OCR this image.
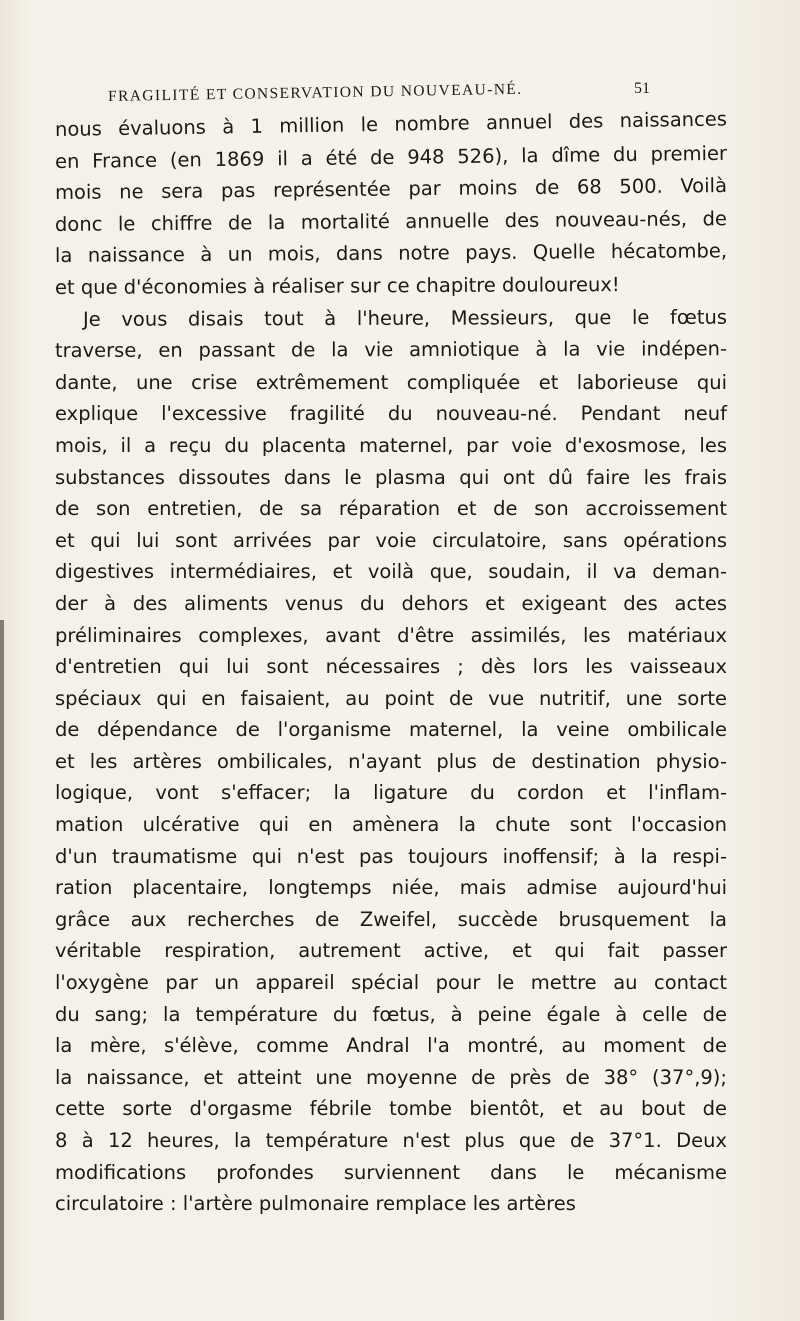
FRAGILITÉ ET CONSERVATION DU NOUVEAU-NÉ.	51
nous évaluons à 1 million le nombre annuel des naissances
en France (en 1869 il a été de 948 526), la dîme du premier
mois ne sera pas représentée par moins de 68 500. Voilà
donc le chiffre de la mortalité annuelle des nouveau-nés, de
la naissance à un mois, dans notre pays. Quelle hécatombe,
et que d'économies à réaliser sur ce chapitre douloureux!
Je vous disais tout à l'heure, Messieurs, que le fœtus
traverse, en passant de la vie amniotique à la vie indépen-
dante, une crise extrêmement compliquée et laborieuse qui
explique l'excessive fragilité du nouveau-né. Pendant neuf
mois, il a reçu du placenta maternel, par voie d'exosmose, les
substances dissoutes dans le plasma qui ont dû faire les frais
de son entretien, de sa réparation et de son accroissement
et qui lui sont arrivées par voie circulatoire, sans opérations
digestives intermédiaires, et voilà que, soudain, il va deman-
der à des aliments venus du dehors et exigeant des actes
préliminaires complexes, avant d'être assimilés, les matériaux
d'entretien qui lui sont nécessaires ; dès lors les vaisseaux
spéciaux qui en faisaient, au point de vue nutritif, une sorte
de dépendance de l'organisme maternel, la veine ombilicale
et les artères ombilicales, n'ayant plus de destination physio-
logique, vont s'effacer; la ligature du cordon et l'inflam-
mation ulcérative qui en amènera la chute sont l'occasion
d'un traumatisme qui n'est pas toujours inoffensif; à la respi-
ration placentaire, longtemps niée, mais admise aujourd'hui
grâce aux recherches de Zweifel, succède brusquement la
véritable respiration, autrement active, et qui fait passer
l'oxygène par un appareil spécial pour le mettre au contact
du sang; la température du fœtus, à peine égale à celle de
la mère, s'élève, comme Andral l'a montré, au moment de
la naissance, et atteint une moyenne de près de 38° (37°,9);
cette sorte d'orgasme fébrile tombe bientôt, et au bout de
8 à 12 heures, la température n'est plus que de 37°1. Deux
modifications profondes surviennent dans le mécanisme
circulatoire : l'artère pulmonaire remplace les artères
